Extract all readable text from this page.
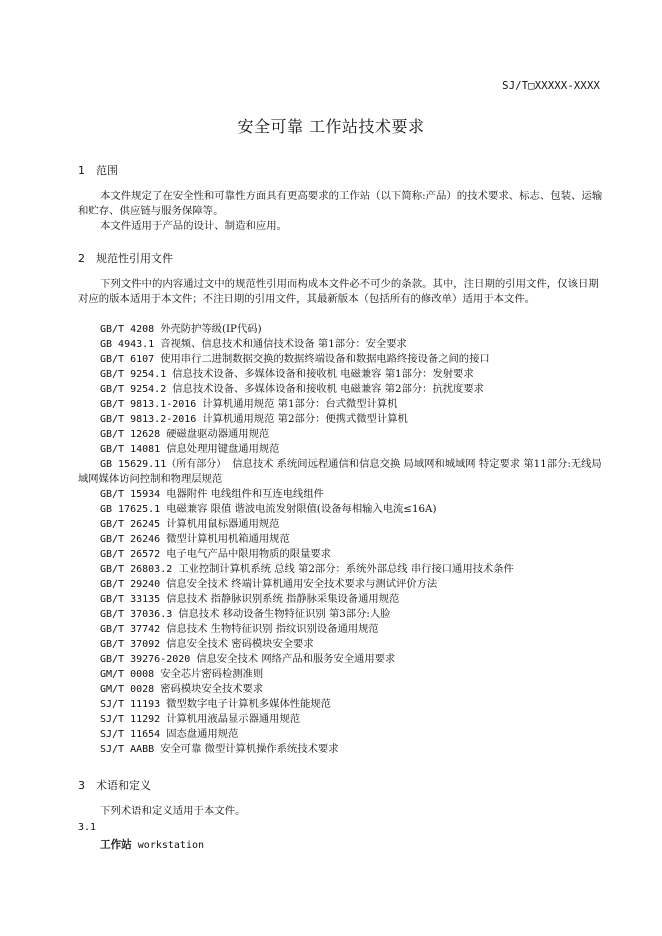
SJ/T□XXXXX-XXXX
安全可靠 工作站技术要求
1 范围
本文件规定了在安全性和可靠性方面具有更高要求的工作站（以下简称:产品）的技术要求、标志、包装、运输和贮存、供应链与服务保障等。
本文件适用于产品的设计、制造和应用。
2 规范性引用文件
下列文件中的内容通过文中的规范性引用而构成本文件必不可少的条款。其中，注日期的引用文件，仅该日期对应的版本适用于本文件；不注日期的引用文件，其最新版本（包括所有的修改单）适用于本文件。
GB/T 4208 外壳防护等级(IP代码)
GB 4943.1 音视频、信息技术和通信技术设备 第1部分：安全要求
GB/T 6107 使用串行二进制数据交换的数据终端设备和数据电路终接设备之间的接口
GB/T 9254.1 信息技术设备、多媒体设备和接收机 电磁兼容 第1部分：发射要求
GB/T 9254.2 信息技术设备、多媒体设备和接收机 电磁兼容 第2部分：抗扰度要求
GB/T 9813.1-2016 计算机通用规范 第1部分：台式微型计算机
GB/T 9813.2-2016 计算机通用规范 第2部分：便携式微型计算机
GB/T 12628 硬磁盘驱动器通用规范
GB/T 14081 信息处理用键盘通用规范
GB 15629.11（所有部分） 信息技术 系统间远程通信和信息交换 局域网和城域网 特定要求 第11部分:无线局域网媒体访问控制和物理层规范
GB/T 15934 电器附件 电线组件和互连电线组件
GB 17625.1 电磁兼容 限值 谐波电流发射限值(设备每相输入电流≤16A)
GB/T 26245 计算机用鼠标器通用规范
GB/T 26246 微型计算机用机箱通用规范
GB/T 26572 电子电气产品中限用物质的限量要求
GB/T 26803.2 工业控制计算机系统 总线 第2部分：系统外部总线 串行接口通用技术条件
GB/T 29240 信息安全技术 终端计算机通用安全技术要求与测试评价方法
GB/T 33135 信息技术 指静脉识别系统 指静脉采集设备通用规范
GB/T 37036.3 信息技术 移动设备生物特征识别 第3部分:人脸
GB/T 37742 信息技术 生物特征识别 指纹识别设备通用规范
GB/T 37092 信息安全技术 密码模块安全要求
GB/T 39276-2020 信息安全技术 网络产品和服务安全通用要求
GM/T 0008 安全芯片密码检测准则
GM/T 0028 密码模块安全技术要求
SJ/T 11193 微型数字电子计算机多媒体性能规范
SJ/T 11292 计算机用液晶显示器通用规范
SJ/T 11654 固态盘通用规范
SJ/T AABB 安全可靠 微型计算机操作系统技术要求
3 术语和定义
下列术语和定义适用于本文件。
3.1
工作站 workstation
